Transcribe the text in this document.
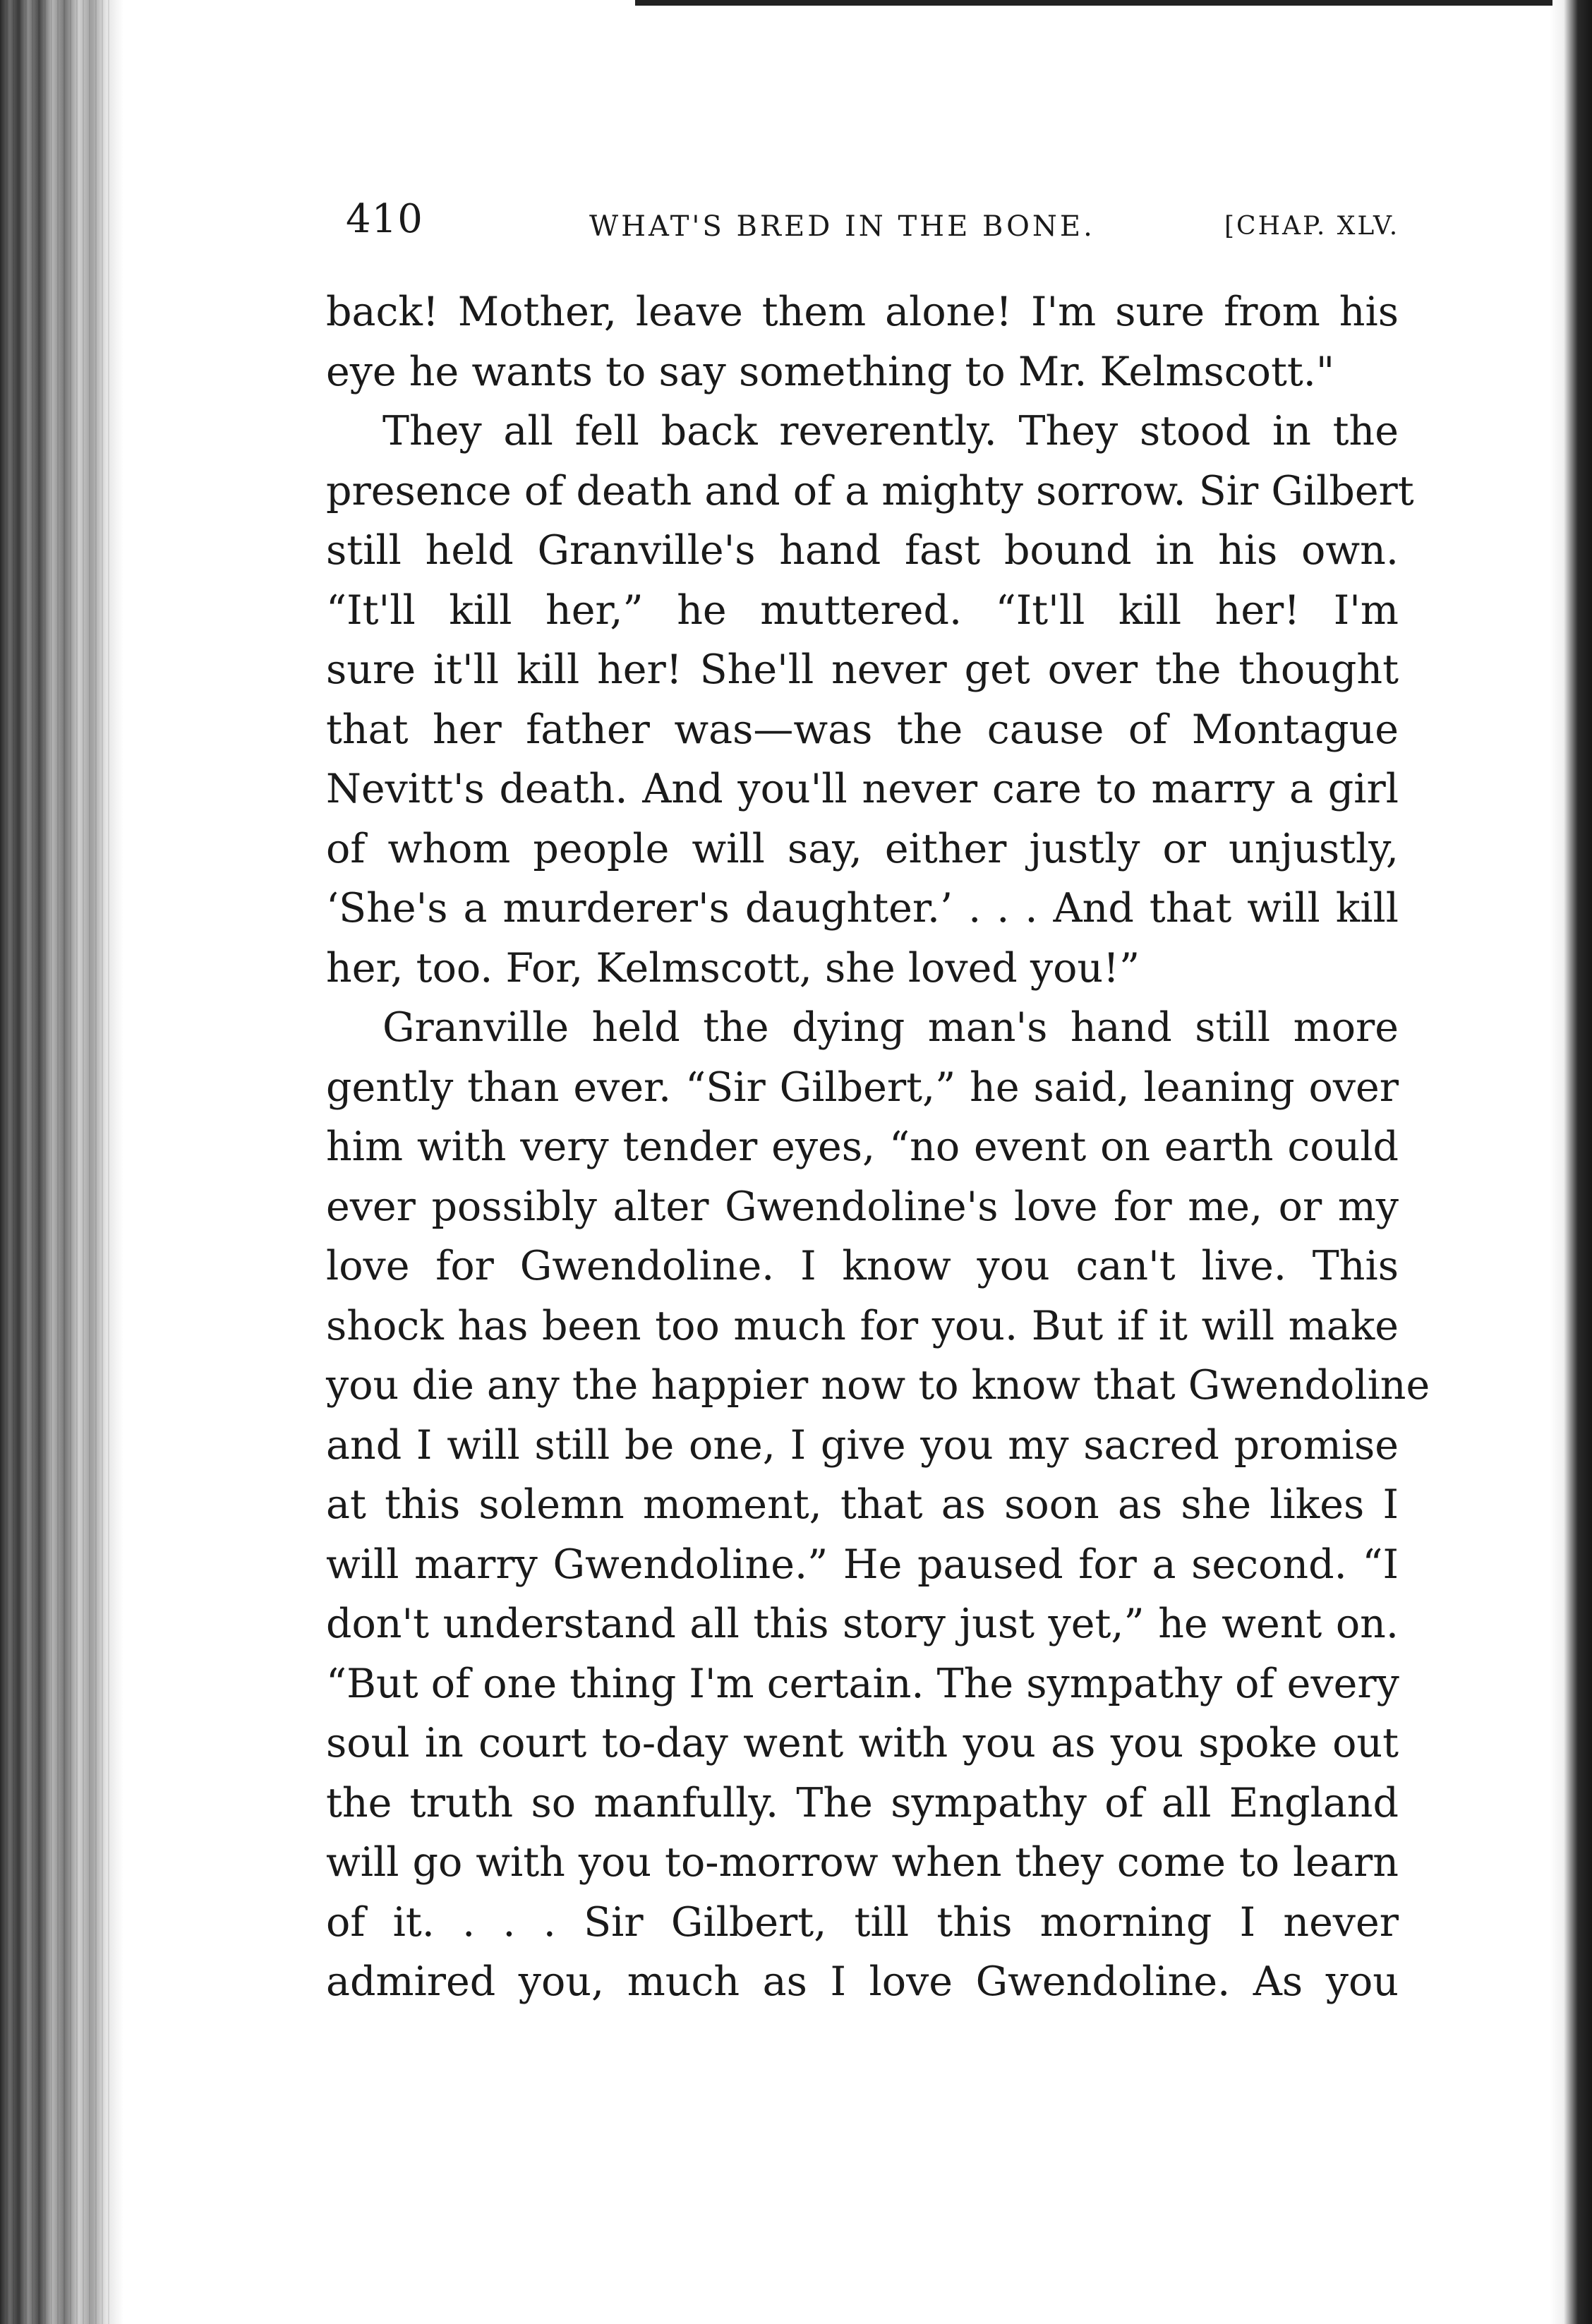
410	WHAT'S BRED IN THE BONE.	[CHAP. XLV.
back! Mother, leave them alone! I'm sure from his
eye he wants to say something to Mr. Kelmscott."
They all fell back reverently. They stood in the
presence of death and of a mighty sorrow. Sir Gilbert
still held Granville's hand fast bound in his own.
“It'll kill her,” he muttered. “It'll kill her! I'm
sure it'll kill her! She'll never get over the thought
that her father was—was the cause of Montague
Nevitt's death. And you'll never care to marry a girl
of whom people will say, either justly or unjustly,
‘She's a murderer's daughter.’ . . . And that will kill
her, too. For, Kelmscott, she loved you!”
Granville held the dying man's hand still more
gently than ever. “Sir Gilbert,” he said, leaning over
him with very tender eyes, “no event on earth could
ever possibly alter Gwendoline's love for me, or my
love for Gwendoline. I know you can't live. This
shock has been too much for you. But if it will make
you die any the happier now to know that Gwendoline
and I will still be one, I give you my sacred promise
at this solemn moment, that as soon as she likes I
will marry Gwendoline.” He paused for a second. “I
don't understand all this story just yet,” he went on.
“But of one thing I'm certain. The sympathy of every
soul in court to-day went with you as you spoke out
the truth so manfully. The sympathy of all England
will go with you to-morrow when they come to learn
of it. . . . Sir Gilbert, till this morning I never
admired you, much as I love Gwendoline. As you
